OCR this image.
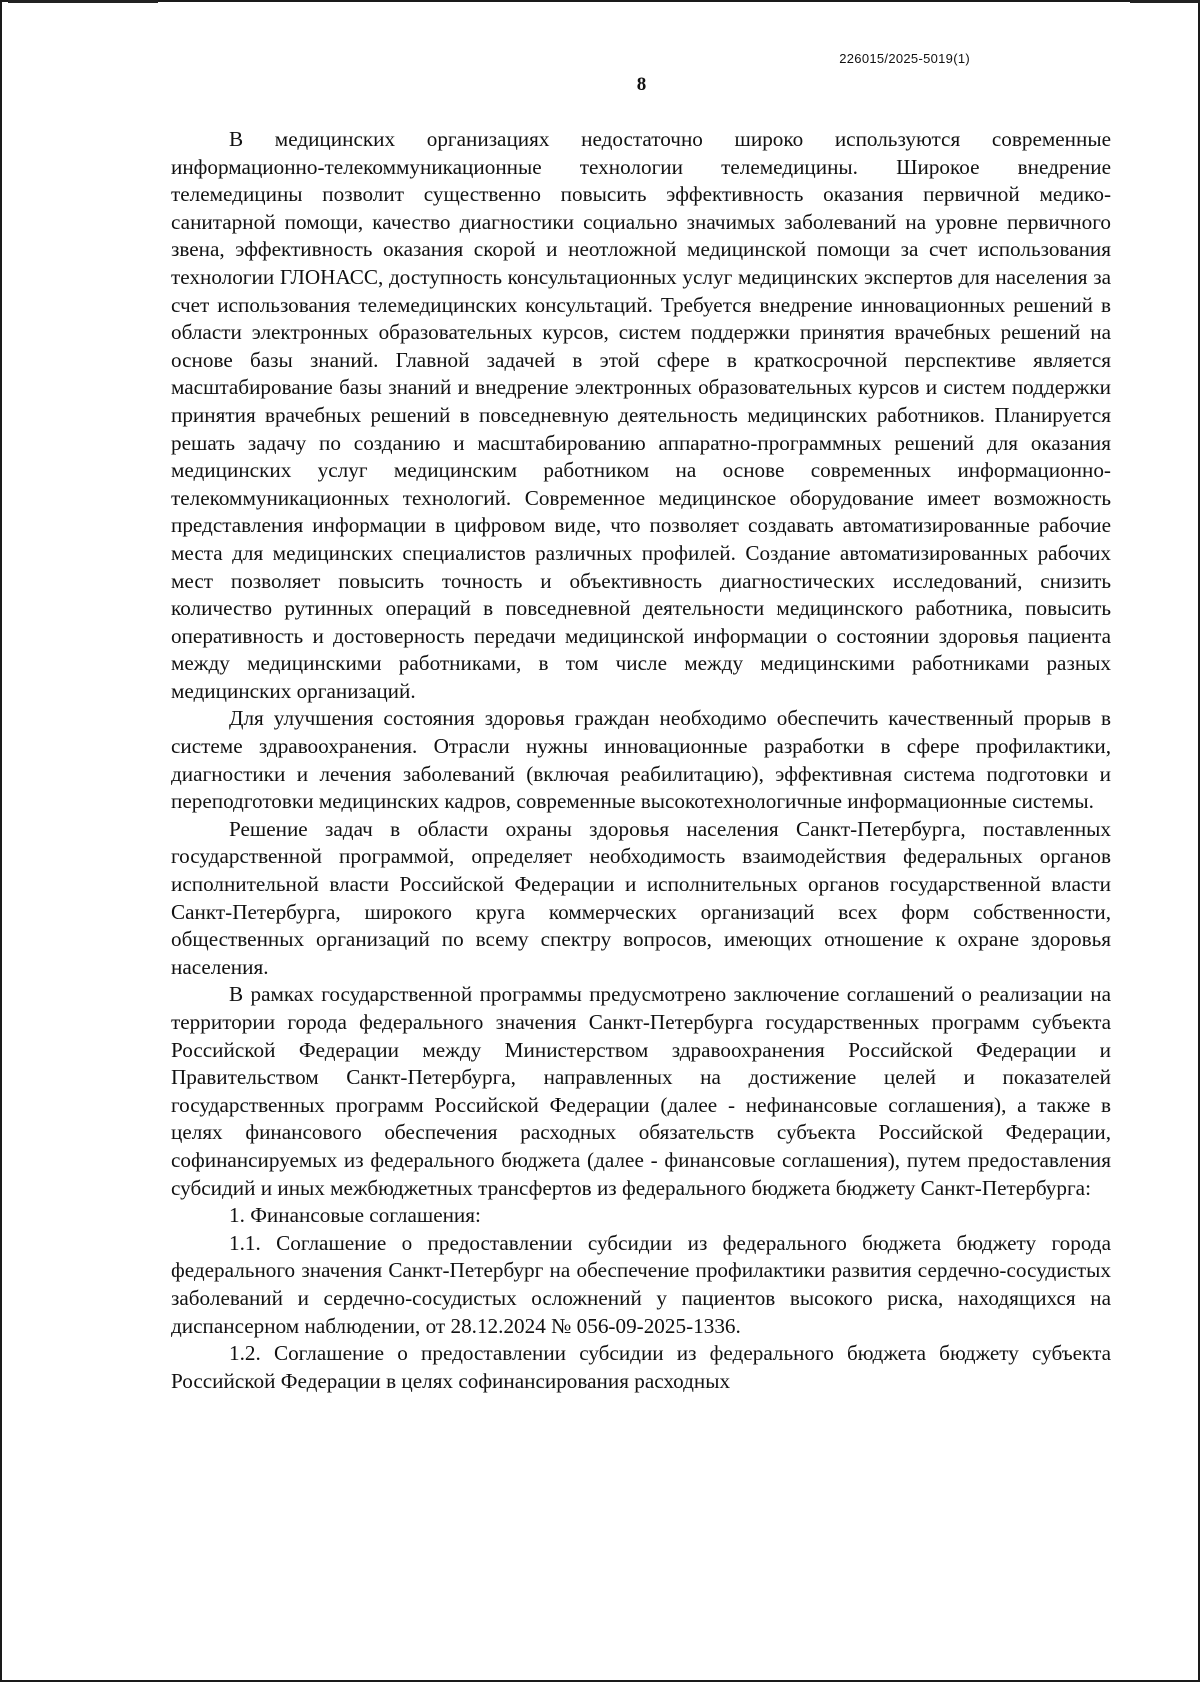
226015/2025-5019(1)
8

В медицинских организациях недостаточно широко используются современные информационно-телекоммуникационные технологии телемедицины. Широкое внедрение телемедицины позволит существенно повысить эффективность оказания первичной медико-санитарной помощи, качество диагностики социально значимых заболеваний на уровне первичного звена, эффективность оказания скорой и неотложной медицинской помощи за счет использования технологии ГЛОНАСС, доступность консультационных услуг медицинских экспертов для населения за счет использования телемедицинских консультаций. Требуется внедрение инновационных решений в области электронных образовательных курсов, систем поддержки принятия врачебных решений на основе базы знаний. Главной задачей в этой сфере в краткосрочной перспективе является масштабирование базы знаний и внедрение электронных образовательных курсов и систем поддержки принятия врачебных решений в повседневную деятельность медицинских работников. Планируется решать задачу по созданию и масштабированию аппаратно-программных решений для оказания медицинских услуг медицинским работником на основе современных информационно-телекоммуникационных технологий. Современное медицинское оборудование имеет возможность представления информации в цифровом виде, что позволяет создавать автоматизированные рабочие места для медицинских специалистов различных профилей. Создание автоматизированных рабочих мест позволяет повысить точность и объективность диагностических исследований, снизить количество рутинных операций в повседневной деятельности медицинского работника, повысить оперативность и достоверность передачи медицинской информации о состоянии здоровья пациента между медицинскими работниками, в том числе между медицинскими работниками разных медицинских организаций.

Для улучшения состояния здоровья граждан необходимо обеспечить качественный прорыв в системе здравоохранения. Отрасли нужны инновационные разработки в сфере профилактики, диагностики и лечения заболеваний (включая реабилитацию), эффективная система подготовки и переподготовки медицинских кадров, современные высокотехнологичные информационные системы.

Решение задач в области охраны здоровья населения Санкт-Петербурга, поставленных государственной программой, определяет необходимость взаимодействия федеральных органов исполнительной власти Российской Федерации и исполнительных органов государственной власти Санкт-Петербурга, широкого круга коммерческих организаций всех форм собственности, общественных организаций по всему спектру вопросов, имеющих отношение к охране здоровья населения.

В рамках государственной программы предусмотрено заключение соглашений о реализации на территории города федерального значения Санкт-Петербурга государственных программ субъекта Российской Федерации между Министерством здравоохранения Российской Федерации и Правительством Санкт-Петербурга, направленных на достижение целей и показателей государственных программ Российской Федерации (далее - нефинансовые соглашения), а также в целях финансового обеспечения расходных обязательств субъекта Российской Федерации, софинансируемых из федерального бюджета (далее - финансовые соглашения), путем предоставления субсидий и иных межбюджетных трансфертов из федерального бюджета бюджету Санкт-Петербурга:

1. Финансовые соглашения:

1.1. Соглашение о предоставлении субсидии из федерального бюджета бюджету города федерального значения Санкт-Петербург на обеспечение профилактики развития сердечно-сосудистых заболеваний и сердечно-сосудистых осложнений у пациентов высокого риска, находящихся на диспансерном наблюдении, от 28.12.2024 № 056-09-2025-1336.

1.2. Соглашение о предоставлении субсидии из федерального бюджета бюджету субъекта Российской Федерации в целях софинансирования расходных
